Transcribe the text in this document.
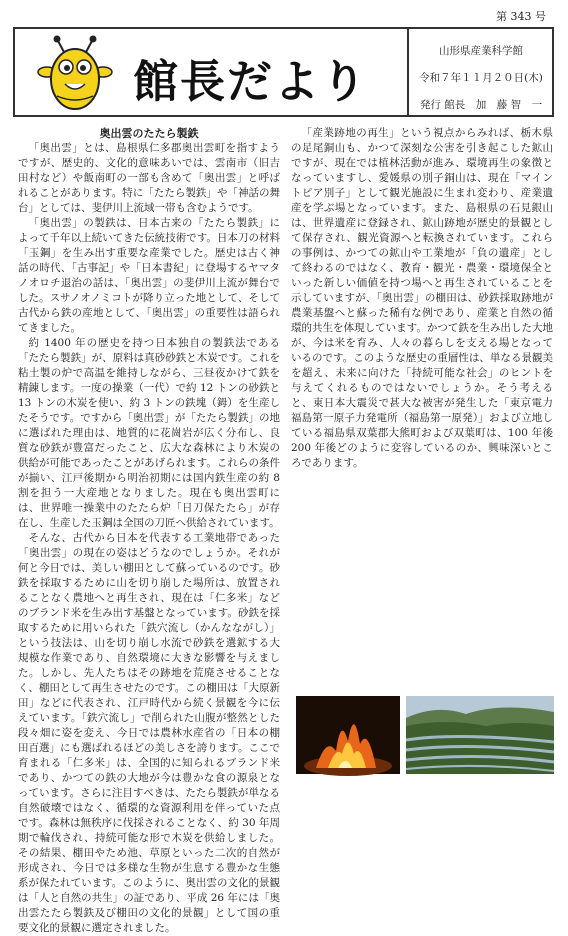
第 343 号
館長だより
山形県産業科学館
令和７年１１月２０日(木)
発行 館長　加　藤 智　一

奥出雲のたたら製鉄

「奥出雲」とは、島根県仁多郡奥出雲町を指すようですが、歴史的、文化的意味あいでは、雲南市（旧吉田村など）や飯南町の一部も含めて「奥出雲」と呼ばれることがあります。特に「たたら製鉄」や「神話の舞台」としては、斐伊川上流域一帯も含むようです。

「奥出雲」の製鉄は、日本古来の「たたら製鉄」によって千年以上続いてきた伝統技術です。日本刀の材料「玉鋼」を生み出す重要な産業でした。歴史は古く神話の時代、「古事記」や「日本書紀」に登場するヤマタノオロチ退治の話は、「奥出雲」の斐伊川上流が舞台でした。スサノオノミコトが降り立った地として、そして古代から鉄の産地として、「奥出雲」の重要性は語られてきました。

約 1400 年の歴史を持つ日本独自の製鉄法である「たたら製鉄」が、原料は真砂砂鉄と木炭です。これを粘土製の炉で高温を維持しながら、三昼夜かけて鉄を精錬します。一度の操業（一代）で約 12 トンの砂鉄と 13 トンの木炭を使い、約 3 トンの鉄塊（鉧）を生産したそうです。ですから「奥出雲」が「たたら製鉄」の地に選ばれた理由は、地質的に花崗岩が広く分布し、良質な砂鉄が豊富だったこと、広大な森林により木炭の供給が可能であったことがあげられます。これらの条件が揃い、江戸後期から明治初期には国内鉄生産の約 8 割を担う一大産地となりました。現在も奥出雲町には、世界唯一操業中のたたら炉「日刀保たたら」が存在し、生産した玉鋼は全国の刀匠へ供給されています。

そんな、古代から日本を代表する工業地帯であった「奥出雲」の現在の姿はどうなのでしょうか。それが何と今日では、美しい棚田として蘇っているのです。砂鉄を採取するために山を切り崩した場所は、放置されることなく農地へと再生され、現在は「仁多米」などのブランド米を生み出す基盤となっています。砂鉄を採取するために用いられた「鉄穴流し（かんなながし）」という技法は、山を切り崩し水流で砂鉄を選鉱する大規模な作業であり、自然環境に大きな影響を与えました。しかし、先人たちはその跡地を荒廃させることなく、棚田として再生させたのです。この棚田は「大原新田」などに代表され、江戸時代から続く景観を今に伝えています。「鉄穴流し」で削られた山腹が整然とした段々畑に姿を変え、今日では農林水産省の「日本の棚田百選」にも選ばれるほどの美しさを誇ります。ここで育まれる「仁多米」は、全国的に知られるブランド米であり、かつての鉄の大地が今は豊かな食の源泉となっています。さらに注目すべきは、たたら製鉄が単なる自然破壊ではなく、循環的な資源利用を伴っていた点です。森林は無秩序に伐採されることなく、約 30 年周期で輪伐され、持続可能な形で木炭を供給しました。その結果、棚田やため池、草原といった二次的自然が形成され、今日では多様な生物が生息する豊かな生態系が保たれています。このように、奥出雲の文化的景観は「人と自然の共生」の証であり、平成 26 年には「奥出雲たたら製鉄及び棚田の文化的景観」として国の重要文化的景観に選定されました。

「産業跡地の再生」という視点からみれば、栃木県の足尾銅山も、かつて深刻な公害を引き起こした鉱山ですが、現在では植林活動が進み、環境再生の象徴となっていますし、愛媛県の別子銅山は、現在「マイントピア別子」として観光施設に生まれ変わり、産業遺産を学ぶ場となっています。また、島根県の石見銀山は、世界遺産に登録され、鉱山跡地が歴史的景観として保存され、観光資源へと転換されています。これらの事例は、かつての鉱山や工業地が「負の遺産」として終わるのではなく、教育・観光・農業・環境保全といった新しい価値を持つ場へと再生されていることを示していますが、「奥出雲」の棚田は、砂鉄採取跡地が農業基盤へと蘇った稀有な例であり、産業と自然の循環的共生を体現しています。かつて鉄を生み出した大地が、今は米を育み、人々の暮らしを支える場となっているのです。このような歴史の重層性は、単なる景観美を超え、未来に向けた「持続可能な社会」のヒントを与えてくれるものではないでしょうか。そう考えると、東日本大震災で甚大な被害が発生した「東京電力福島第一原子力発電所（福島第一原発）」および立地している福島県双葉郡大熊町および双葉町は、100 年後 200 年後どのように変容しているのか、興味深いところであります。
